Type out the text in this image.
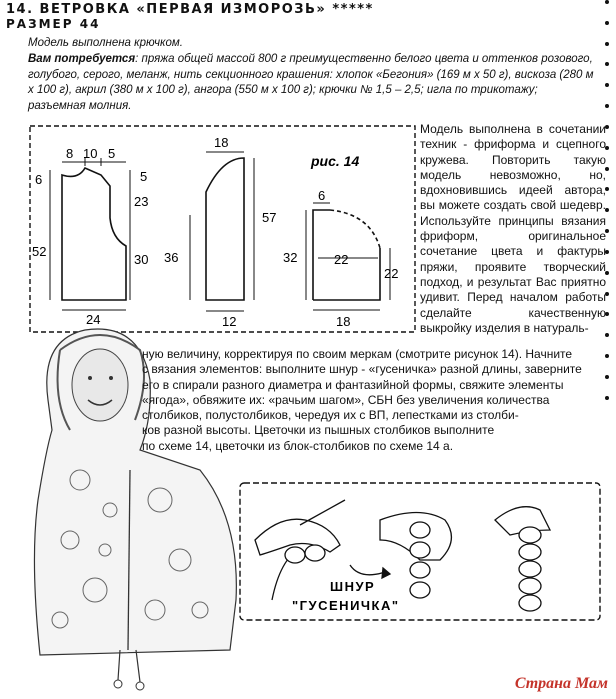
14. ВЕТРОВКА «ПЕРВАЯ ИЗМОРОЗЬ» *****
РАЗМЕР 44
Модель выполнена крючком.
Вам потребуется: пряжа общей массой 800 г преимущественно белого цвета и оттенков розового, голубого, серого, меланж, нить секционного крашения: хлопок «Бегония» (169 м х 50 г), вискоза (280 м х 100 г), акрил (380 м х 100 г), ангора (550 м х 100 г); крючки № 1,5 – 2,5; игла по трикотажу; разъемная молния.
8 10 5
5
6
23
30
52
24
18
36
57
12
рис. 14
6
32	22
22
18
ШНУР
"ГУСЕНИЧКА"
Модель выполнена в сочетании техник - фриформа и сцепного кружева. Повторить такую модель невозможно, но, вдохновившись идеей автора, вы можете создать свой шедевр. Используйте принципы вязания фриформ, оригинальное сочетание цвета и фактуры пряжи, проявите творческий подход, и результат Вас приятно удивит. Перед началом работы сделайте качественную выкройку изделия в натураль-
ную величину, корректируя по своим меркам (смотрите рисунок 14). Начните
с вязания элементов: выполните шнур - «гусеничка» разной длины, заверните
его в спирали разного диаметра и фантазийной формы, свяжите элементы
«ягода», обвяжите их: «рачьим шагом», СБН без увеличения количества
столбиков, полустолбиков, чередуя их с ВП, лепестками из столби-
ков разной высоты. Цветочки из пышных столбиков выполните
по схеме 14, цветочки из блок-столбиков по схеме 14 а.
Страна Мам
